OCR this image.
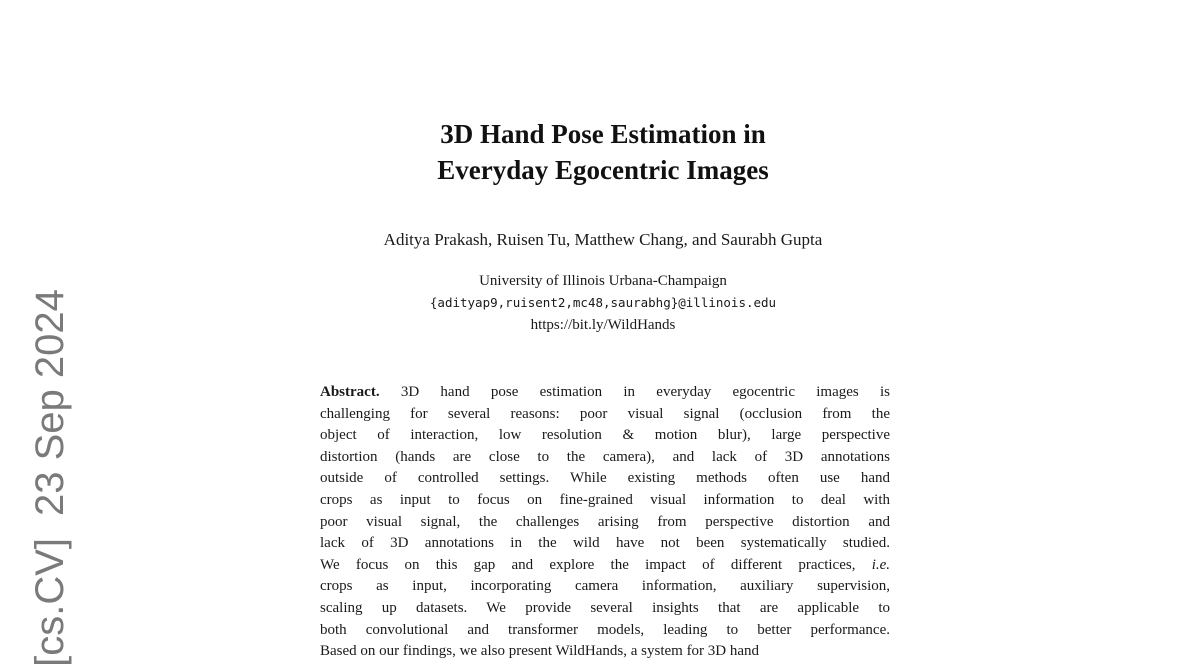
[cs.CV]23 Sep 2024
3D Hand Pose Estimation in
Everyday Egocentric Images
Aditya Prakash, Ruisen Tu, Matthew Chang, and Saurabh Gupta
University of Illinois Urbana-Champaign
{adityap9,ruisent2,mc48,saurabhg}@illinois.edu
https://bit.ly/WildHands
Abstract. 3D hand pose estimation in everyday egocentric images is
challenging for several reasons: poor visual signal (occlusion from the
object of interaction, low resolution & motion blur), large perspective
distortion (hands are close to the camera), and lack of 3D annotations
outside of controlled settings. While existing methods often use hand
crops as input to focus on fine-grained visual information to deal with
poor visual signal, the challenges arising from perspective distortion and
lack of 3D annotations in the wild have not been systematically studied.
We focus on this gap and explore the impact of different practices, i.e.
crops as input, incorporating camera information, auxiliary supervision,
scaling up datasets. We provide several insights that are applicable to
both convolutional and transformer models, leading to better performance.
Based on our findings, we also present WildHands, a system for 3D hand
